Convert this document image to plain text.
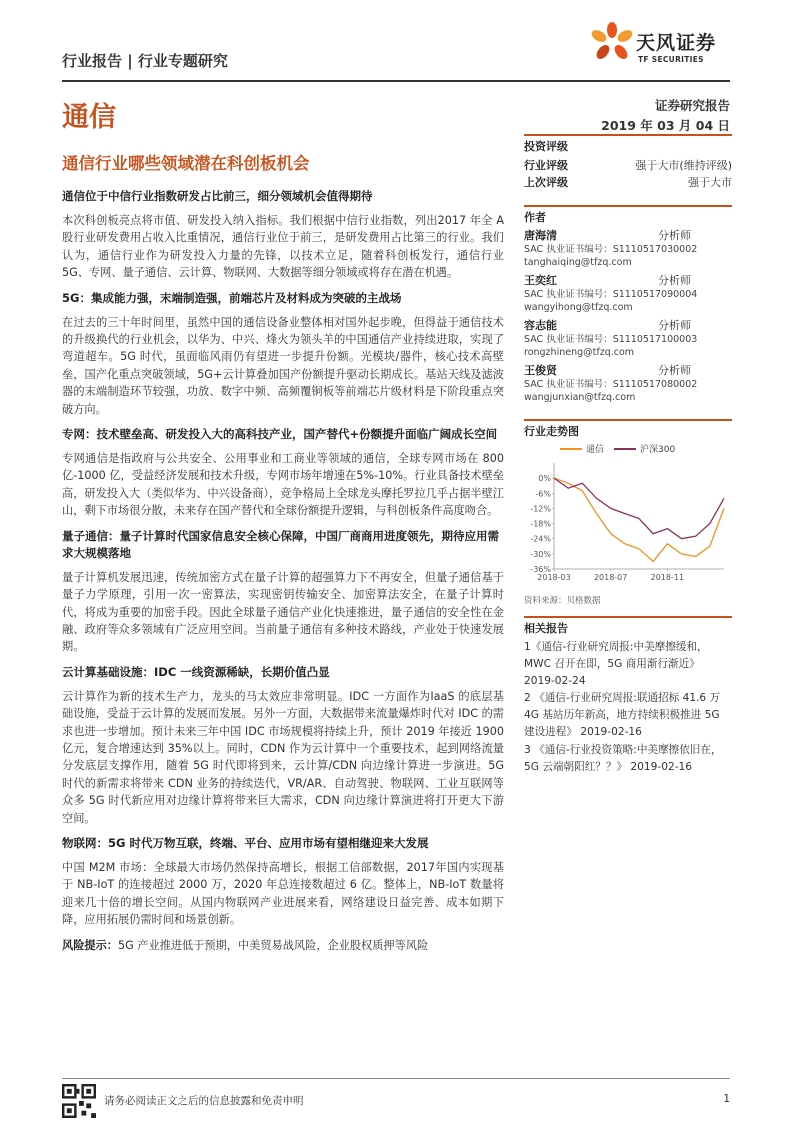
行业报告 | 行业专题研究
天风证券
TF SECURITIES
通信	证券研究报告
2019 年 03 月 04 日
通信行业哪些领域潜在科创板机会
通信位于中信行业指数研发占比前三，细分领域机会值得期待

本次科创板亮点将市值、研发投入纳入指标。我们根据中信行业指数，列出2017 年全 A 股行业研发费用占收入比重情况，通信行业位于前三，是研发费用占比第三的行业。我们认为，通信行业作为研发投入力量的先锋，以技术立足，随着科创板发行，通信行业 5G、专网、量子通信、云计算、物联网、大数据等细分领域或将存在潜在机遇。

5G：集成能力强，末端制造强，前端芯片及材料成为突破的主战场

在过去的三十年时间里，虽然中国的通信设备业整体相对国外起步晚，但得益于通信技术的升级换代的行业机会，以华为、中兴、烽火为领头羊的中国通信产业持续进取，实现了弯道超车。5G 时代，虽面临风雨仍有望进一步提升份额。光模块/器件，核心技术高壁垒，国产化重点突破领域，5G+云计算叠加国产份额提升驱动长期成长。基站天线及滤波器的末端制造环节较强，功放、数字中频、高频覆铜板等前端芯片级材料是下阶段重点突破方向。

专网：技术壁垒高、研发投入大的高科技产业，国产替代+份额提升面临广阔成长空间

专网通信是指政府与公共安全、公用事业和工商业等领域的通信，全球专网市场在 800 亿-1000 亿，受益经济发展和技术升级，专网市场年增速在5%-10%。行业具备技术壁垒高，研发投入大（类似华为、中兴设备商），竞争格局上全球龙头摩托罗拉几乎占据半壁江山，剩下市场很分散，未来存在国产替代和全球份额提升逻辑，与科创板条件高度吻合。

量子通信：量子计算时代国家信息安全核心保障，中国厂商商用进度领先，期待应用需求大规模落地

量子计算机发展迅速，传统加密方式在量子计算的超强算力下不再安全，但量子通信基于量子力学原理，引用一次一密算法，实现密钥传输安全、加密算法安全，在量子计算时代，将成为重要的加密手段。因此全球量子通信产业化快速推进，量子通信的安全性在金融、政府等众多领域有广泛应用空间。当前量子通信有多种技术路线，产业处于快速发展期。

云计算基础设施：IDC 一线资源稀缺，长期价值凸显

云计算作为新的技术生产力，龙头的马太效应非常明显。IDC 一方面作为IaaS 的底层基础设施，受益于云计算的发展而发展。另外一方面，大数据带来流量爆炸时代对 IDC 的需求也进一步增加。预计未来三年中国 IDC 市场规模将持续上升，预计 2019 年接近 1900 亿元，复合增速达到 35%以上。同时，CDN 作为云计算中一个重要技术，起到网络流量分发底层支撑作用，随着 5G 时代即将到来，云计算/CDN 向边缘计算进一步演进。5G 时代的新需求将带来 CDN 业务的持续迭代，VR/AR、自动驾驶、物联网、工业互联网等众多 5G 时代新应用对边缘计算将带来巨大需求，CDN 向边缘计算演进将打开更大下游空间。

物联网：5G 时代万物互联，终端、平台、应用市场有望相继迎来大发展

中国 M2M 市场：全球最大市场仍然保持高增长，根据工信部数据，2017年国内实现基于 NB-IoT 的连接超过 2000 万，2020 年总连接数超过 6 亿。整体上，NB-IoT 数量将迎来几十倍的增长空间。从国内物联网产业进展来看，网络建设日益完善、成本如期下降，应用拓展仍需时间和场景创新。

风险提示：5G 产业推进低于预期，中美贸易战风险，企业股权质押等风险
投资评级
行业评级	强于大市(维持评级)
上次评级	强于大市
作者
唐海清	分析师
SAC 执业证书编号：S1110517030002
tanghaiqing@tfzq.com
王奕红	分析师
SAC 执业证书编号：S1110517090004
wangyihong@tfzq.com
容志能	分析师
SAC 执业证书编号：S1110517100003
rongzhineng@tfzq.com
王俊贤	分析师
SAC 执业证书编号：S1110517080002
wangjunxian@tfzq.com
行业走势图
通信	沪深300
0%
-6%
-12%
-18%
-24%
-30%
-36%
2018-03	2018-07	2018-11
资料来源：贝格数据
相关报告
1《通信-行业研究周报:中美摩擦缓和，MWC 召开在即，5G 商用渐行渐近》 2019-02-24
2 《通信-行业研究周报:联通招标 41.6 万 4G 基站历年新高，地方持续积极推进 5G 建设进程》 2019-02-16
3 《通信-行业投资策略:中美摩擦依旧在，5G 云端朝阳红？？》 2019-02-16
请务必阅读正文之后的信息披露和免责申明	1
